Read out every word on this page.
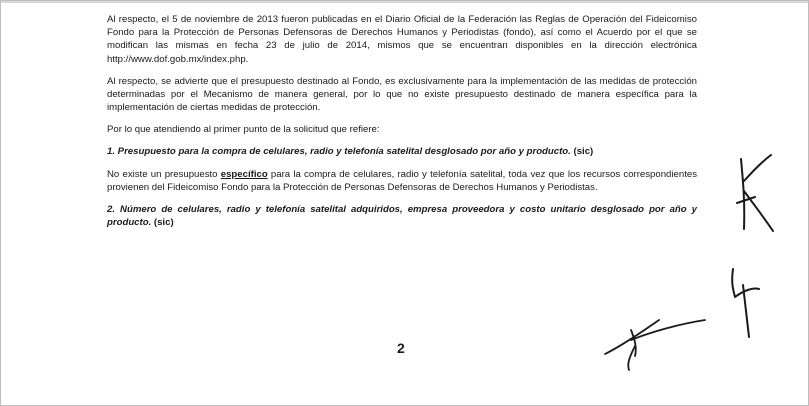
Al respecto, el 5 de noviembre de 2013 fueron publicadas en el Diario Oficial de la Federación las Reglas de Operación del Fideicomiso Fondo para la Protección de Personas Defensoras de Derechos Humanos y Periodistas (fondo), así como el Acuerdo por el que se modifican las mismas en fecha 23 de julio de 2014, mismos que se encuentran disponibles en la dirección electrónica http://www.dof.gob.mx/index.php.

Al respecto, se advierte que el presupuesto destinado al Fondo, es exclusivamente para la implementación de las medidas de protección determinadas por el Mecanismo de manera general, por lo que no existe presupuesto destinado de manera específica para la implementación de ciertas medidas de protección.

Por lo que atendiendo al primer punto de la solicitud que refiere:

1. Presupuesto para la compra de celulares, radio y telefonía satelital desglosado por año y producto. (sic)

No existe un presupuesto específico para la compra de celulares, radio y telefonía satelital, toda vez que los recursos correspondientes provienen del Fideicomiso Fondo para la Protección de Personas Defensoras de Derechos Humanos y Periodistas.

2. Número de celulares, radio y telefonía satelital adquiridos, empresa proveedora y costo unitario desglosado por año y producto. (sic)

2
